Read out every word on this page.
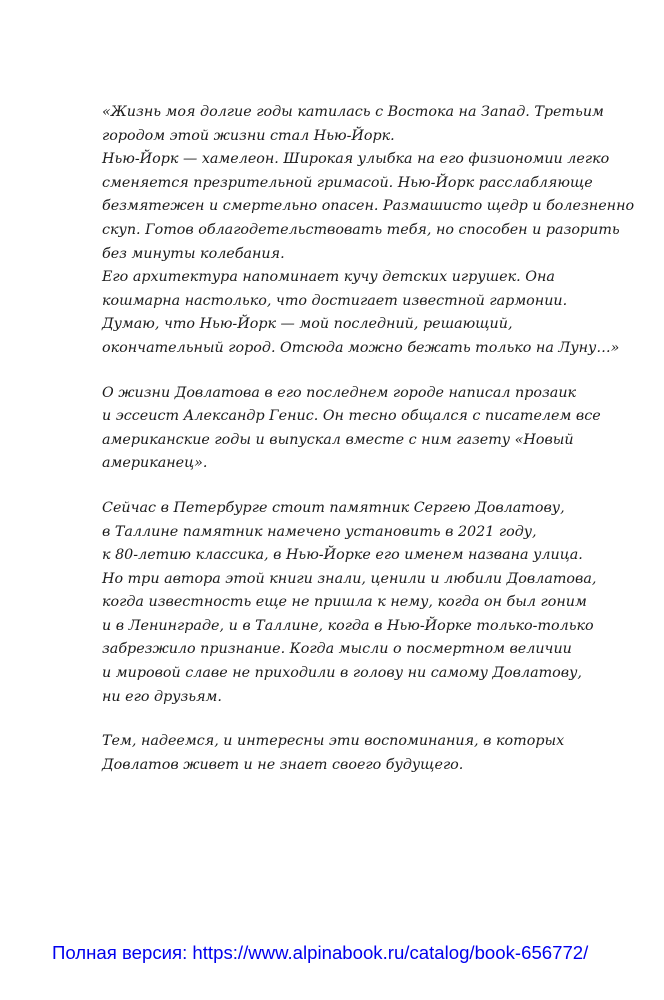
«Жизнь моя долгие годы катилась с Востока на Запад. Третьим
городом этой жизни стал Нью-Йорк.
Нью-Йорк — хамелеон. Широкая улыбка на его физиономии легко
сменяется презрительной гримасой. Нью-Йорк расслабляюще
безмятежен и смертельно опасен. Размашисто щедр и болезненно
скуп. Готов облагодетельствовать тебя, но способен и разорить
без минуты колебания.
Его архитектура напоминает кучу детских игрушек. Она
кошмарна настолько, что достигает известной гармонии.
Думаю, что Нью-Йорк — мой последний, решающий,
окончательный город. Отсюда можно бежать только на Луну…»

О жизни Довлатова в его последнем городе написал прозаик
и эссеист Александр Генис. Он тесно общался с писателем все
американские годы и выпускал вместе с ним газету «Новый
американец».

Сейчас в Петербурге стоит памятник Сергею Довлатову,
в Таллине памятник намечено установить в 2021 году,
к 80-летию классика, в Нью-Йорке его именем названа улица.
Но три автора этой книги знали, ценили и любили Довлатова,
когда известность еще не пришла к нему, когда он был гоним
и в Ленинграде, и в Таллине, когда в Нью-Йорке только-только
забрезжило признание. Когда мысли о посмертном величии
и мировой славе не приходили в голову ни самому Довлатову,
ни его друзьям.

Тем, надеемся, и интересны эти воспоминания, в которых
Довлатов живет и не знает своего будущего.

Полная версия: https://www.alpinabook.ru/catalog/book-656772/
